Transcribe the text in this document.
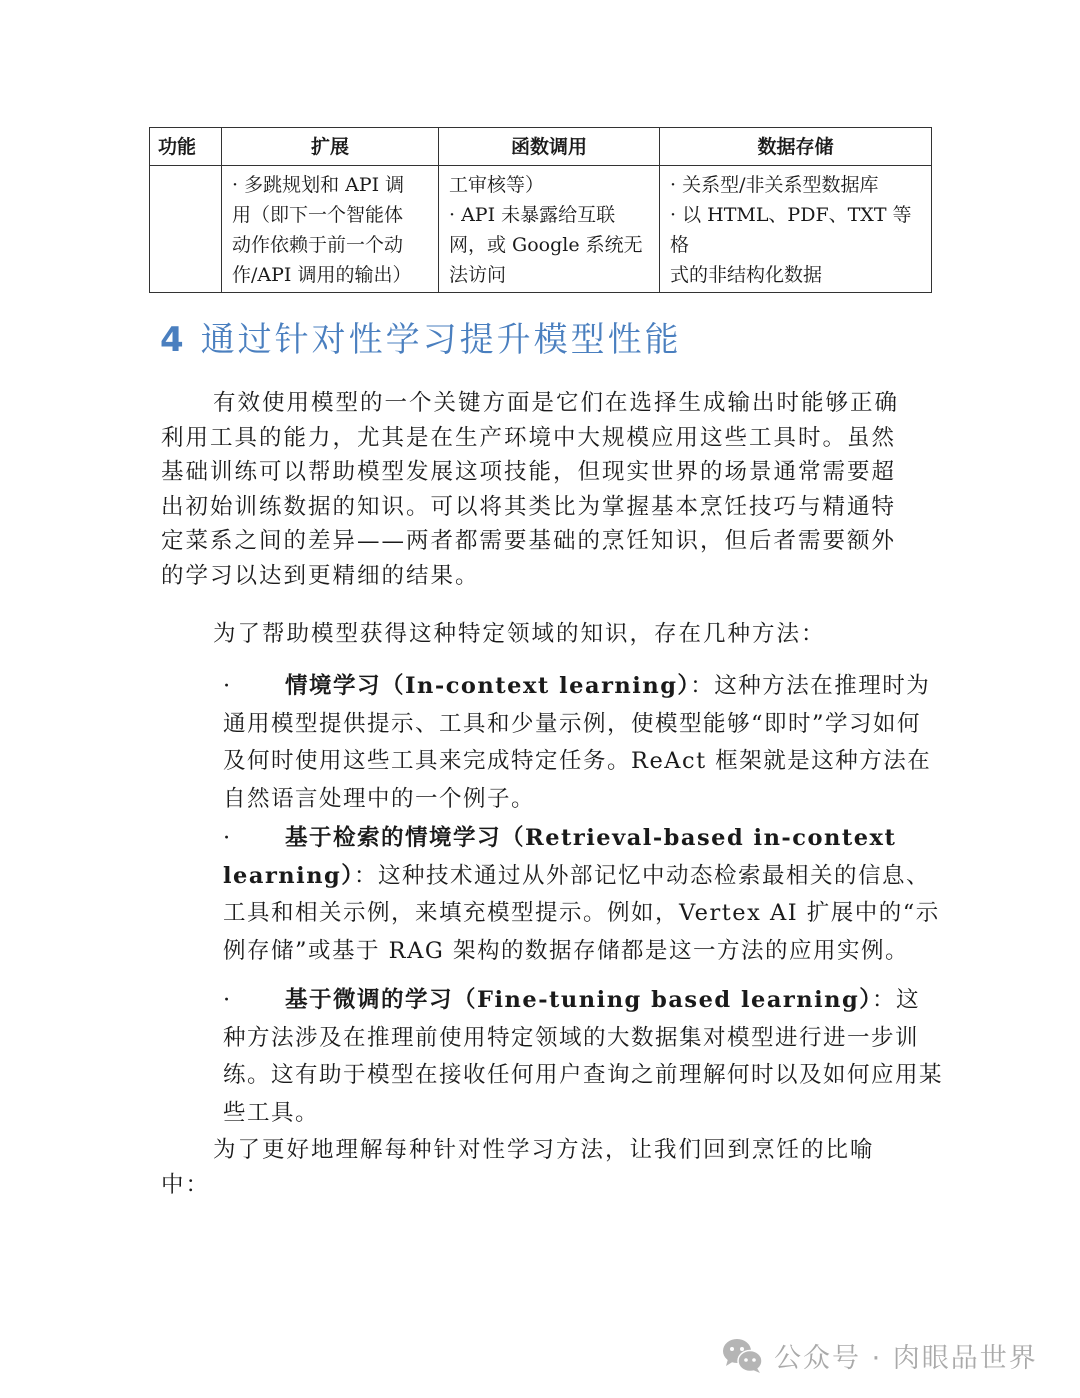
功能	扩展	函数调用	数据存储

	· 多跳规划和 API 调
用（即下一个智能体
动作依赖于前一个动
作/API 调用的输出）	工审核等）
· API 未暴露给互联
网，或 Google 系统无
法访问	· 关系型/非关系型数据库
· 以 HTML、PDF、TXT 等格
式的非结构化数据
4 通过针对性学习提升模型性能

有效使用模型的一个关键方面是它们在选择生成输出时能够正确利用工具的能力，尤其是在生产环境中大规模应用这些工具时。虽然基础训练可以帮助模型发展这项技能，但现实世界的场景通常需要超出初始训练数据的知识。可以将其类比为掌握基本烹饪技巧与精通特定菜系之间的差异——两者都需要基础的烹饪知识，但后者需要额外的学习以达到更精细的结果。

为了帮助模型获得这种特定领域的知识，存在几种方法：

· 情境学习（In-context learning）：这种方法在推理时为通用模型提供提示、工具和少量示例，使模型能够“即时”学习如何及何时使用这些工具来完成特定任务。ReAct 框架就是这种方法在自然语言处理中的一个例子。
· 基于检索的情境学习（Retrieval-based in-context learning）：这种技术通过从外部记忆中动态检索最相关的信息、工具和相关示例，来填充模型提示。例如，Vertex AI 扩展中的“示例存储”或基于 RAG 架构的数据存储都是这一方法的应用实例。
· 基于微调的学习（Fine-tuning based learning）：这种方法涉及在推理前使用特定领域的大数据集对模型进行进一步训练。这有助于模型在接收任何用户查询之前理解何时以及如何应用某些工具。

为了更好地理解每种针对性学习方法，让我们回到烹饪的比喻中：

公众号 · 肉眼品世界
